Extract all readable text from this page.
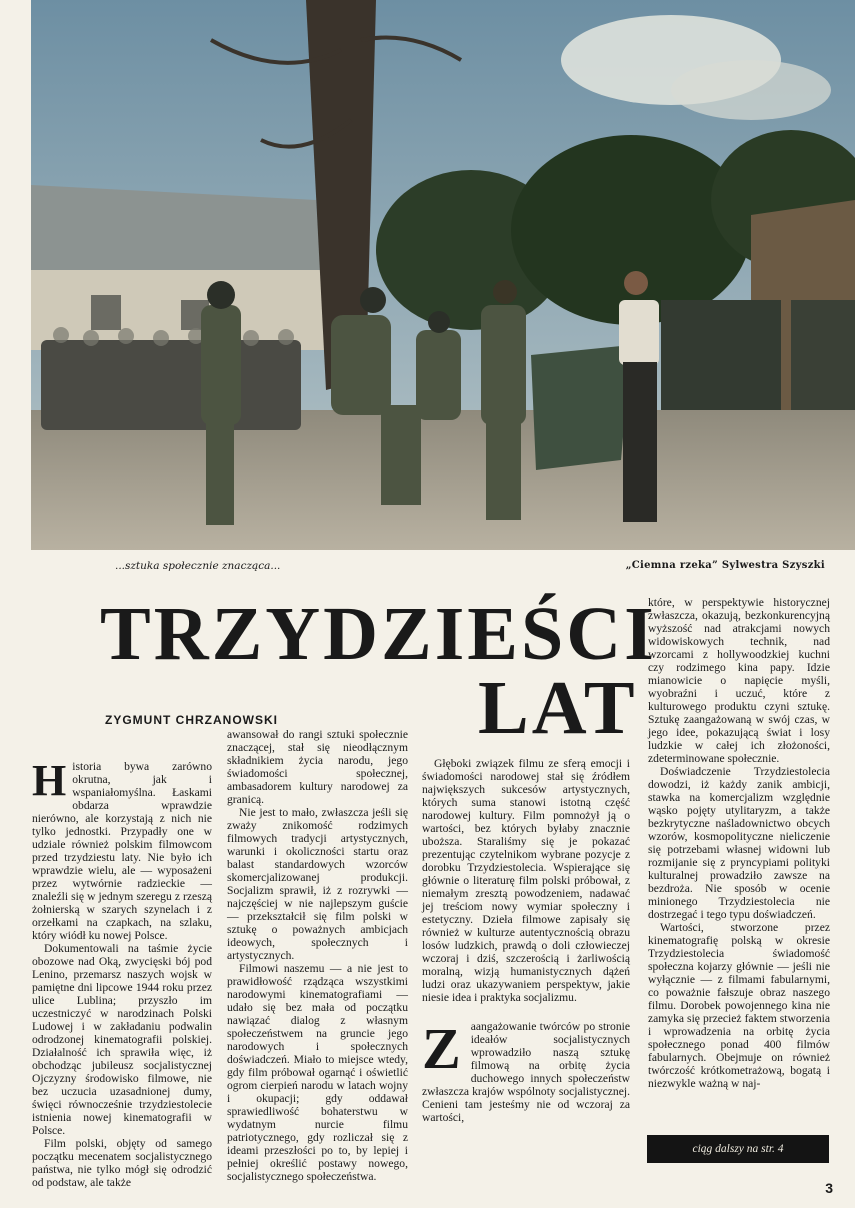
...sztuka społecznie znacząca...	„Ciemna rzeka” Sylwestra Szyszki
TRZYDZIEŚCI
LAT
ZYGMUNT CHRZANOWSKI

Historia bywa zarówno okrutna, jak i wspaniałomyślna. Łaskami obdarza wprawdzie nierówno, ale korzystają z nich nie tylko jednostki. Przypadły one w udziale również polskim filmowcom przed trzydziestu laty. Nie było ich wprawdzie wielu, ale — wyposażeni przez wytwórnie radzieckie — znaleźli się w jednym szeregu z rzeszą żołnierską w szarych szynelach i z orzełkami na czapkach, na szlaku, który wiódł ku nowej Polsce.

Dokumentowali na taśmie życie obozowe nad Oką, zwycięski bój pod Lenino, przemarsz naszych wojsk w pamiętne dni lipcowe 1944 roku przez ulice Lublina; przyszło im uczestniczyć w narodzinach Polski Ludowej i w zakładaniu podwalin odrodzonej kinematografii polskiej. Działalność ich sprawiła więc, iż obchodząc jubileusz socjalistycznej Ojczyzny środowisko filmowe, nie bez uczucia uzasadnionej dumy, święci równocześnie trzydziestolecie istnienia nowej kinematografii w Polsce.

Film polski, objęty od samego początku mecenatem socjalistycznego państwa, nie tylko mógł się odrodzić od podstaw, ale także

awansował do rangi sztuki społecznie znaczącej, stał się nieodłącznym składnikiem życia narodu, jego świadomości społecznej, ambasadorem kultury narodowej za granicą.

Nie jest to mało, zwłaszcza jeśli się zważy znikomość rodzimych filmowych tradycji artystycznych, warunki i okoliczności startu oraz balast standardowych wzorców skomercjalizowanej produkcji. Socjalizm sprawił, iż z rozrywki — najczęściej w nie najlepszym guście — przekształcił się film polski w sztukę o poważnych ambicjach ideowych, społecznych i artystycznych.

Filmowi naszemu — a nie jest to prawidłowość rządząca wszystkimi narodowymi kinematografiami — udało się bez mała od początku nawiązać dialog z własnym społeczeństwem na gruncie jego narodowych i społecznych doświadczeń. Miało to miejsce wtedy, gdy film próbował ogarnąć i oświetlić ogrom cierpień narodu w latach wojny i okupacji; gdy oddawał sprawiedliwość bohaterstwu w wydatnym nurcie filmu patriotycznego, gdy rozliczał się z ideami przeszłości po to, by lepiej i pełniej określić postawy nowego, socjalistycznego społeczeństwa.

Głęboki związek filmu ze sferą emocji i świadomości narodowej stał się źródłem największych sukcesów artystycznych, których suma stanowi istotną część narodowej kultury. Film pomnożył ją o wartości, bez których byłaby znacznie uboższa. Staraliśmy się je pokazać prezentując czytelnikom wybrane pozycje z dorobku Trzydziestolecia. Wspierające się głównie o literaturę film polski próbował, z niemałym zresztą powodzeniem, nadawać jej treściom nowy wymiar społeczny i estetyczny. Dzieła filmowe zapisały się również w kulturze autentycznością obrazu losów ludzkich, prawdą o doli człowieczej wczoraj i dziś, szczerością i żarliwością moralną, wizją humanistycznych dążeń ludzi oraz ukazywaniem perspektyw, jakie niesie idea i praktyka socjalizmu.

Zaangażowanie twórców po stronie ideałów socjalistycznych wprowadziło naszą sztukę filmową na orbitę życia duchowego innych społeczeństw zwłaszcza krajów wspólnoty socjalistycznej. Cenieni tam jesteśmy nie od wczoraj za wartości,

które, w perspektywie historycznej zwłaszcza, okazują, bezkonkurencyjną wyższość nad atrakcjami nowych widowiskowych technik, nad wzorcami z hollywoodzkiej kuchni czy rodzimego kina papy. Idzie mianowicie o napięcie myśli, wyobraźni i uczuć, które z kulturowego produktu czyni sztukę. Sztukę zaangażowaną w swój czas, w jego idee, pokazującą świat i losy ludzkie w całej ich złożoności, zdeterminowane społecznie.

Doświadczenie Trzydziestolecia dowodzi, iż każdy zanik ambicji, stawka na komercjalizm względnie wąsko pojęty utylitaryzm, a także bezkrytyczne naśladownictwo obcych wzorów, kosmopolityczne nieliczenie się potrzebami własnej widowni lub rozmijanie się z pryncypiami polityki kulturalnej prowadziło zawsze na bezdroża. Nie sposób w ocenie minionego Trzydziestolecia nie dostrzegać i tego typu doświadczeń.

Wartości, stworzone przez kinematografię polską w okresie Trzydziestolecia świadomość społeczna kojarzy głównie — jeśli nie wyłącznie — z filmami fabularnymi, co poważnie fałszuje obraz naszego filmu. Dorobek powojennego kina nie zamyka się przecież faktem stworzenia i wprowadzenia na orbitę życia społecznego ponad 400 filmów fabularnych. Obejmuje on również twórczość krótkometrażową, bogatą i niezwykle ważną w naj-

ciąg dalszy na str. 4
3
